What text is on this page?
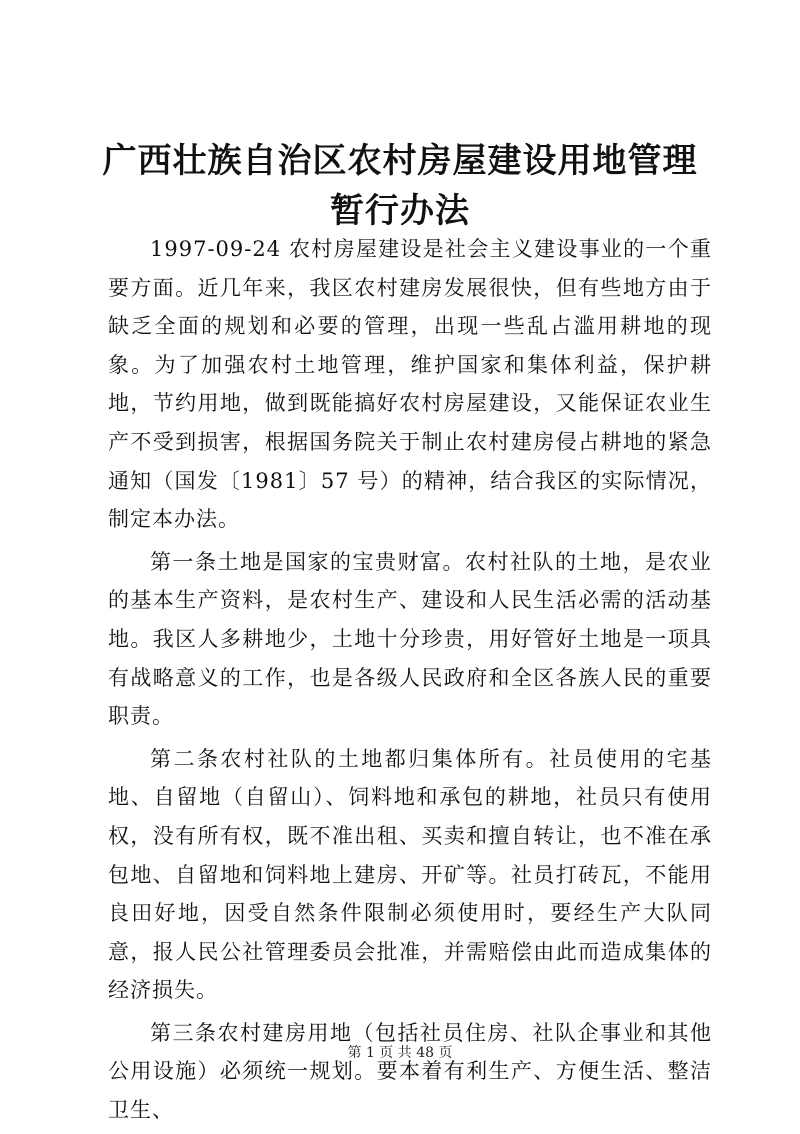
广西壮族自治区农村房屋建设用地管理暂行办法

1997-09-24 农村房屋建设是社会主义建设事业的一个重要方面。近几年来，我区农村建房发展很快，但有些地方由于缺乏全面的规划和必要的管理，出现一些乱占滥用耕地的现象。为了加强农村土地管理，维护国家和集体利益，保护耕地，节约用地，做到既能搞好农村房屋建设，又能保证农业生产不受到损害，根据国务院关于制止农村建房侵占耕地的紧急通知（国发〔1981〕57 号）的精神，结合我区的实际情况，制定本办法。

第一条土地是国家的宝贵财富。农村社队的土地，是农业的基本生产资料，是农村生产、建设和人民生活必需的活动基地。我区人多耕地少，土地十分珍贵，用好管好土地是一项具有战略意义的工作，也是各级人民政府和全区各族人民的重要职责。

第二条农村社队的土地都归集体所有。社员使用的宅基地、自留地（自留山）、饲料地和承包的耕地，社员只有使用权，没有所有权，既不准出租、买卖和擅自转让，也不准在承包地、自留地和饲料地上建房、开矿等。社员打砖瓦，不能用良田好地，因受自然条件限制必须使用时，要经生产大队同意，报人民公社管理委员会批准，并需赔偿由此而造成集体的经济损失。

第三条农村建房用地（包括社员住房、社队企事业和其他公用设施）必须统一规划。要本着有利生产、方便生活、整洁卫生、

第 1 页 共 48 页
